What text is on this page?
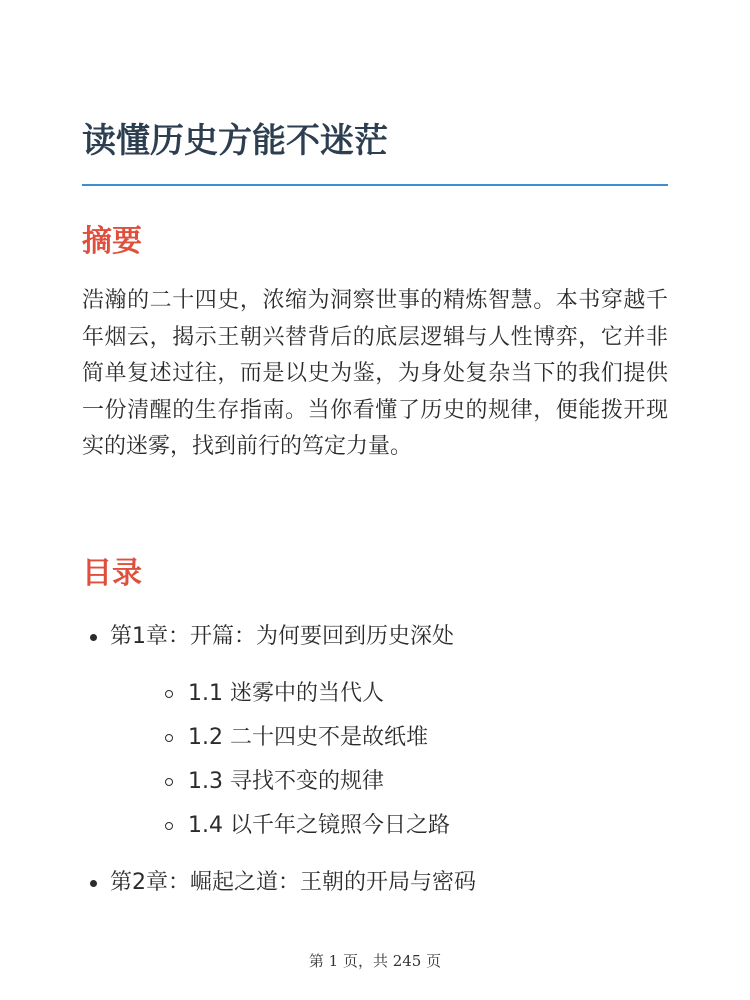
读懂历史方能不迷茫
摘要

浩瀚的二十四史，浓缩为洞察世事的精炼智慧。本书穿越千年烟云，揭示王朝兴替背后的底层逻辑与人性博弈，它并非简单复述过往，而是以史为鉴，为身处复杂当下的我们提供一份清醒的生存指南。当你看懂了历史的规律，便能拨开现实的迷雾，找到前行的笃定力量。

目录
第1章：开篇：为何要回到历史深处
1.1 迷雾中的当代人
1.2 二十四史不是故纸堆
1.3 寻找不变的规律
1.4 以千年之镜照今日之路
第2章：崛起之道：王朝的开局与密码
第 1 页，共 245 页
